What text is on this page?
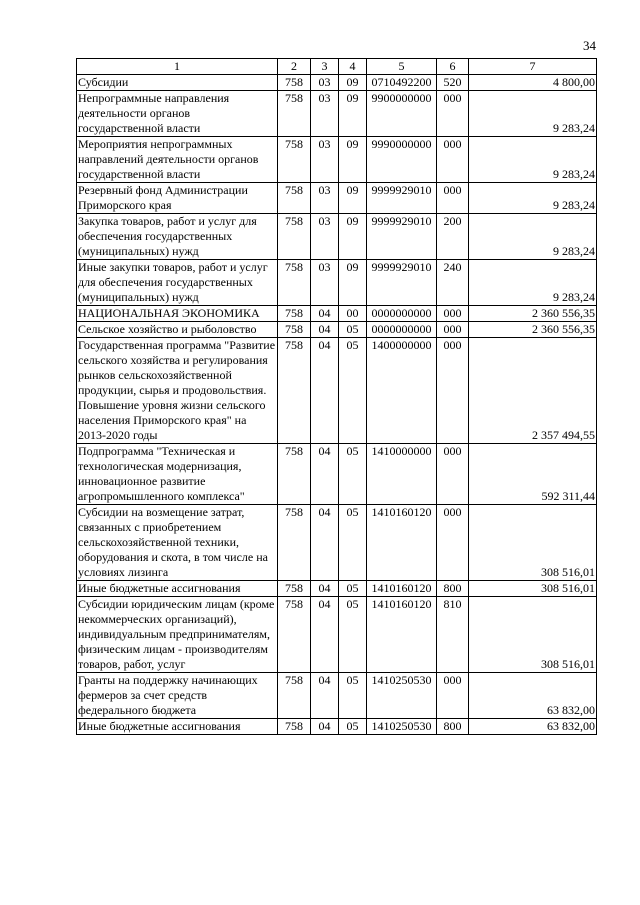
34
1	2	3	4	5	6	7
Субсидии	758	03	09	0710492200	520	4 800,00
Непрограммные направления деятельности органов государственной власти	758	03	09	9900000000	000	9 283,24
Мероприятия непрограммных направлений деятельности органов государственной власти	758	03	09	9990000000	000	9 283,24
Резервный фонд Администрации Приморского края	758	03	09	9999929010	000	9 283,24
Закупка товаров, работ и услуг для обеспечения государственных (муниципальных) нужд	758	03	09	9999929010	200	9 283,24
Иные закупки товаров, работ и услуг для обеспечения государственных (муниципальных) нужд	758	03	09	9999929010	240	9 283,24
НАЦИОНАЛЬНАЯ ЭКОНОМИКА	758	04	00	0000000000	000	2 360 556,35
Сельское хозяйство и рыболовство	758	04	05	0000000000	000	2 360 556,35
Государственная программа "Развитие сельского хозяйства и регулирования рынков сельскохозяйственной продукции, сырья и продовольствия. Повышение уровня жизни сельского населения Приморского края" на 2013-2020 годы	758	04	05	1400000000	000	2 357 494,55
Подпрограмма "Техническая и технологическая модернизация, инновационное развитие агропромышленного комплекса"	758	04	05	1410000000	000	592 311,44
Субсидии на возмещение затрат, связанных с приобретением сельскохозяйственной техники, оборудования и скота, в том числе на условиях лизинга	758	04	05	1410160120	000	308 516,01
Иные бюджетные ассигнования	758	04	05	1410160120	800	308 516,01
Субсидии юридическим лицам (кроме некоммерческих организаций), индивидуальным предпринимателям, физическим лицам - производителям товаров, работ, услуг	758	04	05	1410160120	810	308 516,01
Гранты на поддержку начинающих фермеров за счет средств федерального бюджета	758	04	05	1410250530	000	63 832,00
Иные бюджетные ассигнования	758	04	05	1410250530	800	63 832,00
